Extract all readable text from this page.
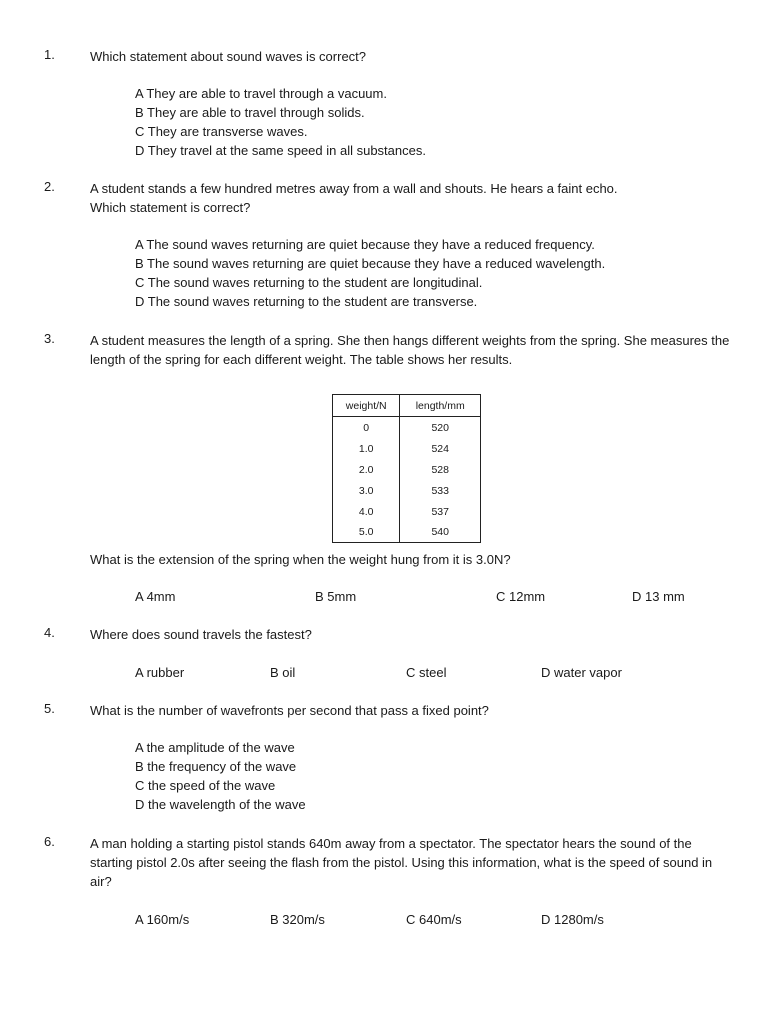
1.	Which statement about sound waves is correct?
A They are able to travel through a vacuum.
B They are able to travel through solids.
C They are transverse waves.
D They travel at the same speed in all substances.
2.	A student stands a few hundred metres away from a wall and shouts. He hears a faint echo.
Which statement is correct?
A The sound waves returning are quiet because they have a reduced frequency.
B The sound waves returning are quiet because they have a reduced wavelength.
C The sound waves returning to the student are longitudinal.
D The sound waves returning to the student are transverse.
3.	A student measures the length of a spring. She then hangs different weights from the spring. She measures the length of the spring for each different weight. The table shows her results.
weight/N	length/mm
0	520
1.0	524
2.0	528
3.0	533
4.0	537
5.0	540
What is the extension of the spring when the weight hung from it is 3.0N?
A 4mm	B 5mm	C 12mm	D 13 mm
4.	Where does sound travels the fastest?
A rubber	B oil	C steel	D water vapor
5.	What is the number of wavefronts per second that pass a fixed point?
A the amplitude of the wave
B the frequency of the wave
C the speed of the wave
D the wavelength of the wave
6.	A man holding a starting pistol stands 640m away from a spectator. The spectator hears the sound of the starting pistol 2.0s after seeing the flash from the pistol. Using this information, what is the speed of sound in air?
A 160m/s	B 320m/s	C 640m/s	D 1280m/s
